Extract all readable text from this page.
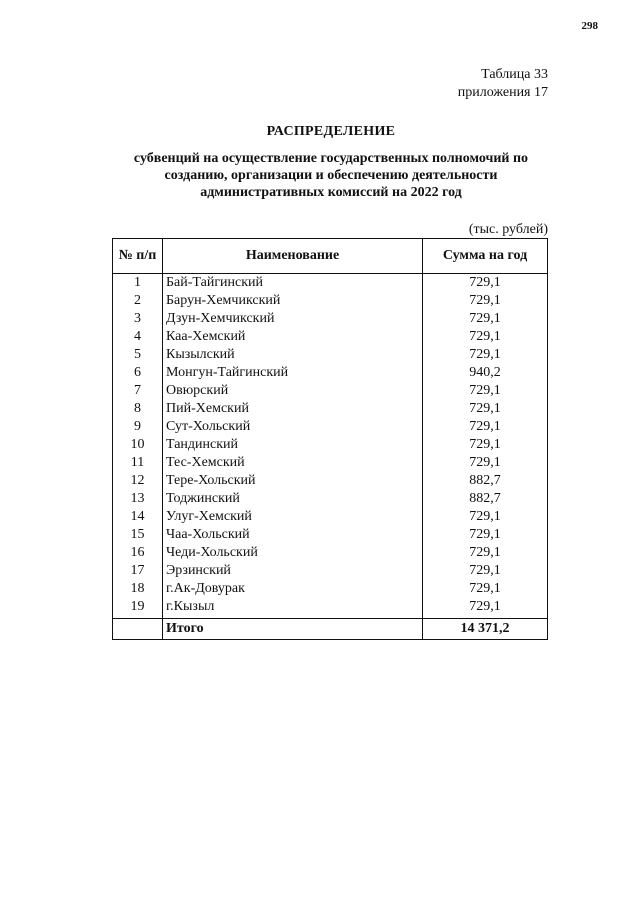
298
Таблица 33
приложения 17
РАСПРЕДЕЛЕНИЕ
субвенций на осуществление государственных полномочий по
созданию, организации и обеспечению деятельности
административных комиссий на 2022 год
(тыс. рублей)
№ п/п	Наименование	Сумма на год
1	Бай-Тайгинский	729,1
2	Барун-Хемчикский	729,1
3	Дзун-Хемчикский	729,1
4	Каа-Хемский	729,1
5	Кызылский	729,1
6	Монгун-Тайгинский	940,2
7	Овюрский	729,1
8	Пий-Хемский	729,1
9	Сут-Хольский	729,1
10	Тандинский	729,1
11	Тес-Хемский	729,1
12	Тере-Хольский	882,7
13	Тоджинский	882,7
14	Улуг-Хемский	729,1
15	Чаа-Хольский	729,1
16	Чеди-Хольский	729,1
17	Эрзинский	729,1
18	г.Ак-Довурак	729,1
19	г.Кызыл	729,1
	Итого	14 371,2
